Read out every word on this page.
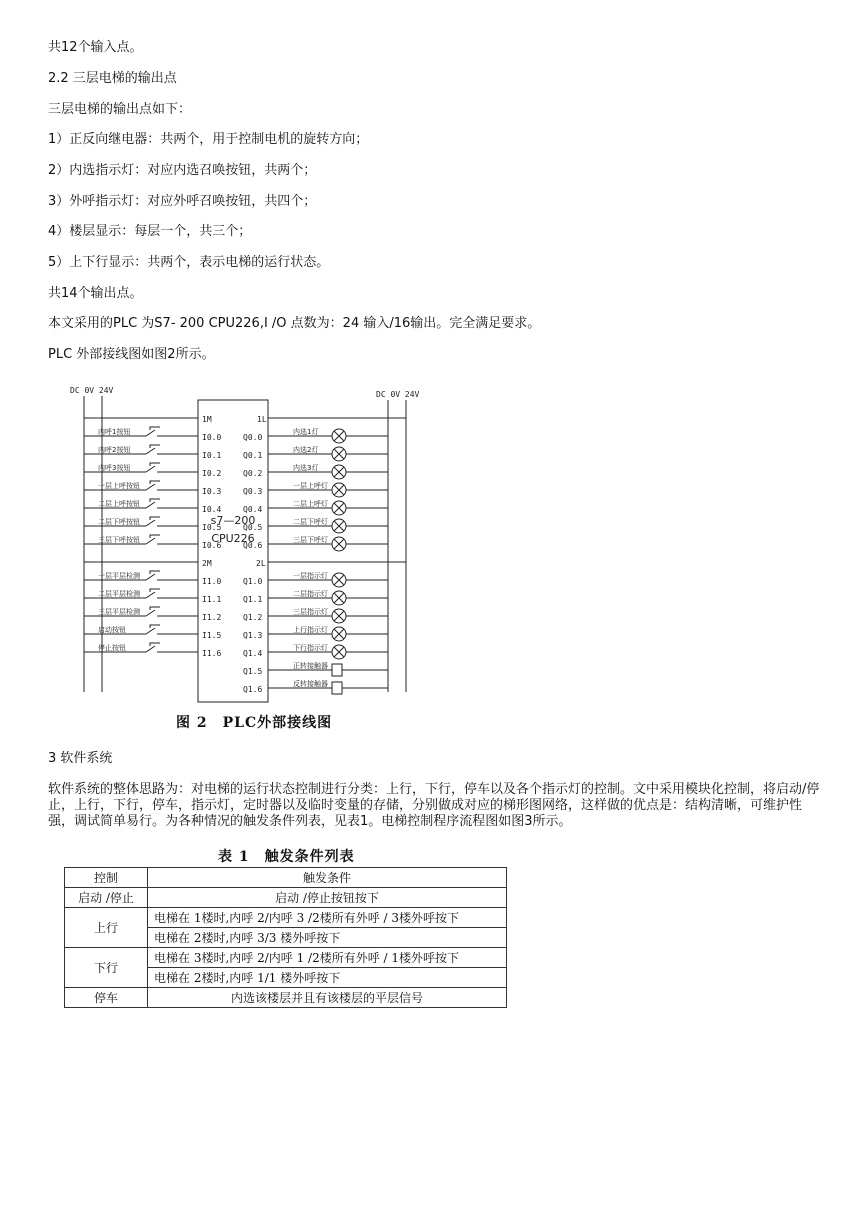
共12个输入点。
2.2 三层电梯的输出点
三层电梯的输出点如下：
1）正反向继电器：共两个，用于控制电机的旋转方向；
2）内选指示灯：对应内选召唤按钮，共两个；
3）外呼指示灯：对应外呼召唤按钮，共四个；
4）楼层显示：每层一个，共三个；
5）上下行显示：共两个，表示电梯的运行状态。
共14个输出点。
本文采用的PLC 为S7- 200 CPU226,I /O 点数为：24 输入/16输出。完全满足要求。
PLC 外部接线图如图2所示。
内呼1按钮
I0.0
内呼2按钮
I0.1
内呼3按钮
I0.2
一层上呼按钮
I0.3
二层上呼按钮
I0.4
二层下呼按钮
I0.5
三层下呼按钮
I0.6
一层平层检测
I1.0
二层平层检测
I1.1
三层平层检测
I1.2
启动按钮
I1.5
停止按钮
I1.6
内选1灯
Q0.0
内选2灯
Q0.1
内选3灯
Q0.2
一层上呼灯
Q0.3
二层上呼灯
Q0.4
二层下呼灯
Q0.5
三层下呼灯
Q0.6
一层指示灯
Q1.0
二层指示灯
Q1.1
三层指示灯
Q1.2
上行指示灯
Q1.3
下行指示灯
Q1.4
正转接触器
Q1.5
反转接触器
Q1.6
DC 0V 24V	DC 0V 24V
1M
2M
1L
2L
s7—200
CPU226
图 2　PLC外部接线图
3 软件系统
软件系统的整体思路为：对电梯的运行状态控制进行分类：上行，下行，停车以及各个指示灯的控制。文中采用模块化控制，将启动/停止，上行，下行，停车，指示灯，定时器以及临时变量的存储，分别做成对应的梯形图网络，这样做的优点是：结构清晰，可维护性强，调试简单易行。为各种情况的触发条件列表，见表1。电梯控制程序流程图如图3所示。
表 1　触发条件列表
控制	触发条件
启动 /停止	启动 /停止按钮按下
上行	电梯在 1楼时,内呼 2/内呼 3 /2楼所有外呼 / 3楼外呼按下
	电梯在 2楼时,内呼 3/3 楼外呼按下
下行	电梯在 3楼时,内呼 2/内呼 1 /2楼所有外呼 / 1楼外呼按下
	电梯在 2楼时,内呼 1/1 楼外呼按下
停车	内选该楼层并且有该楼层的平层信号
